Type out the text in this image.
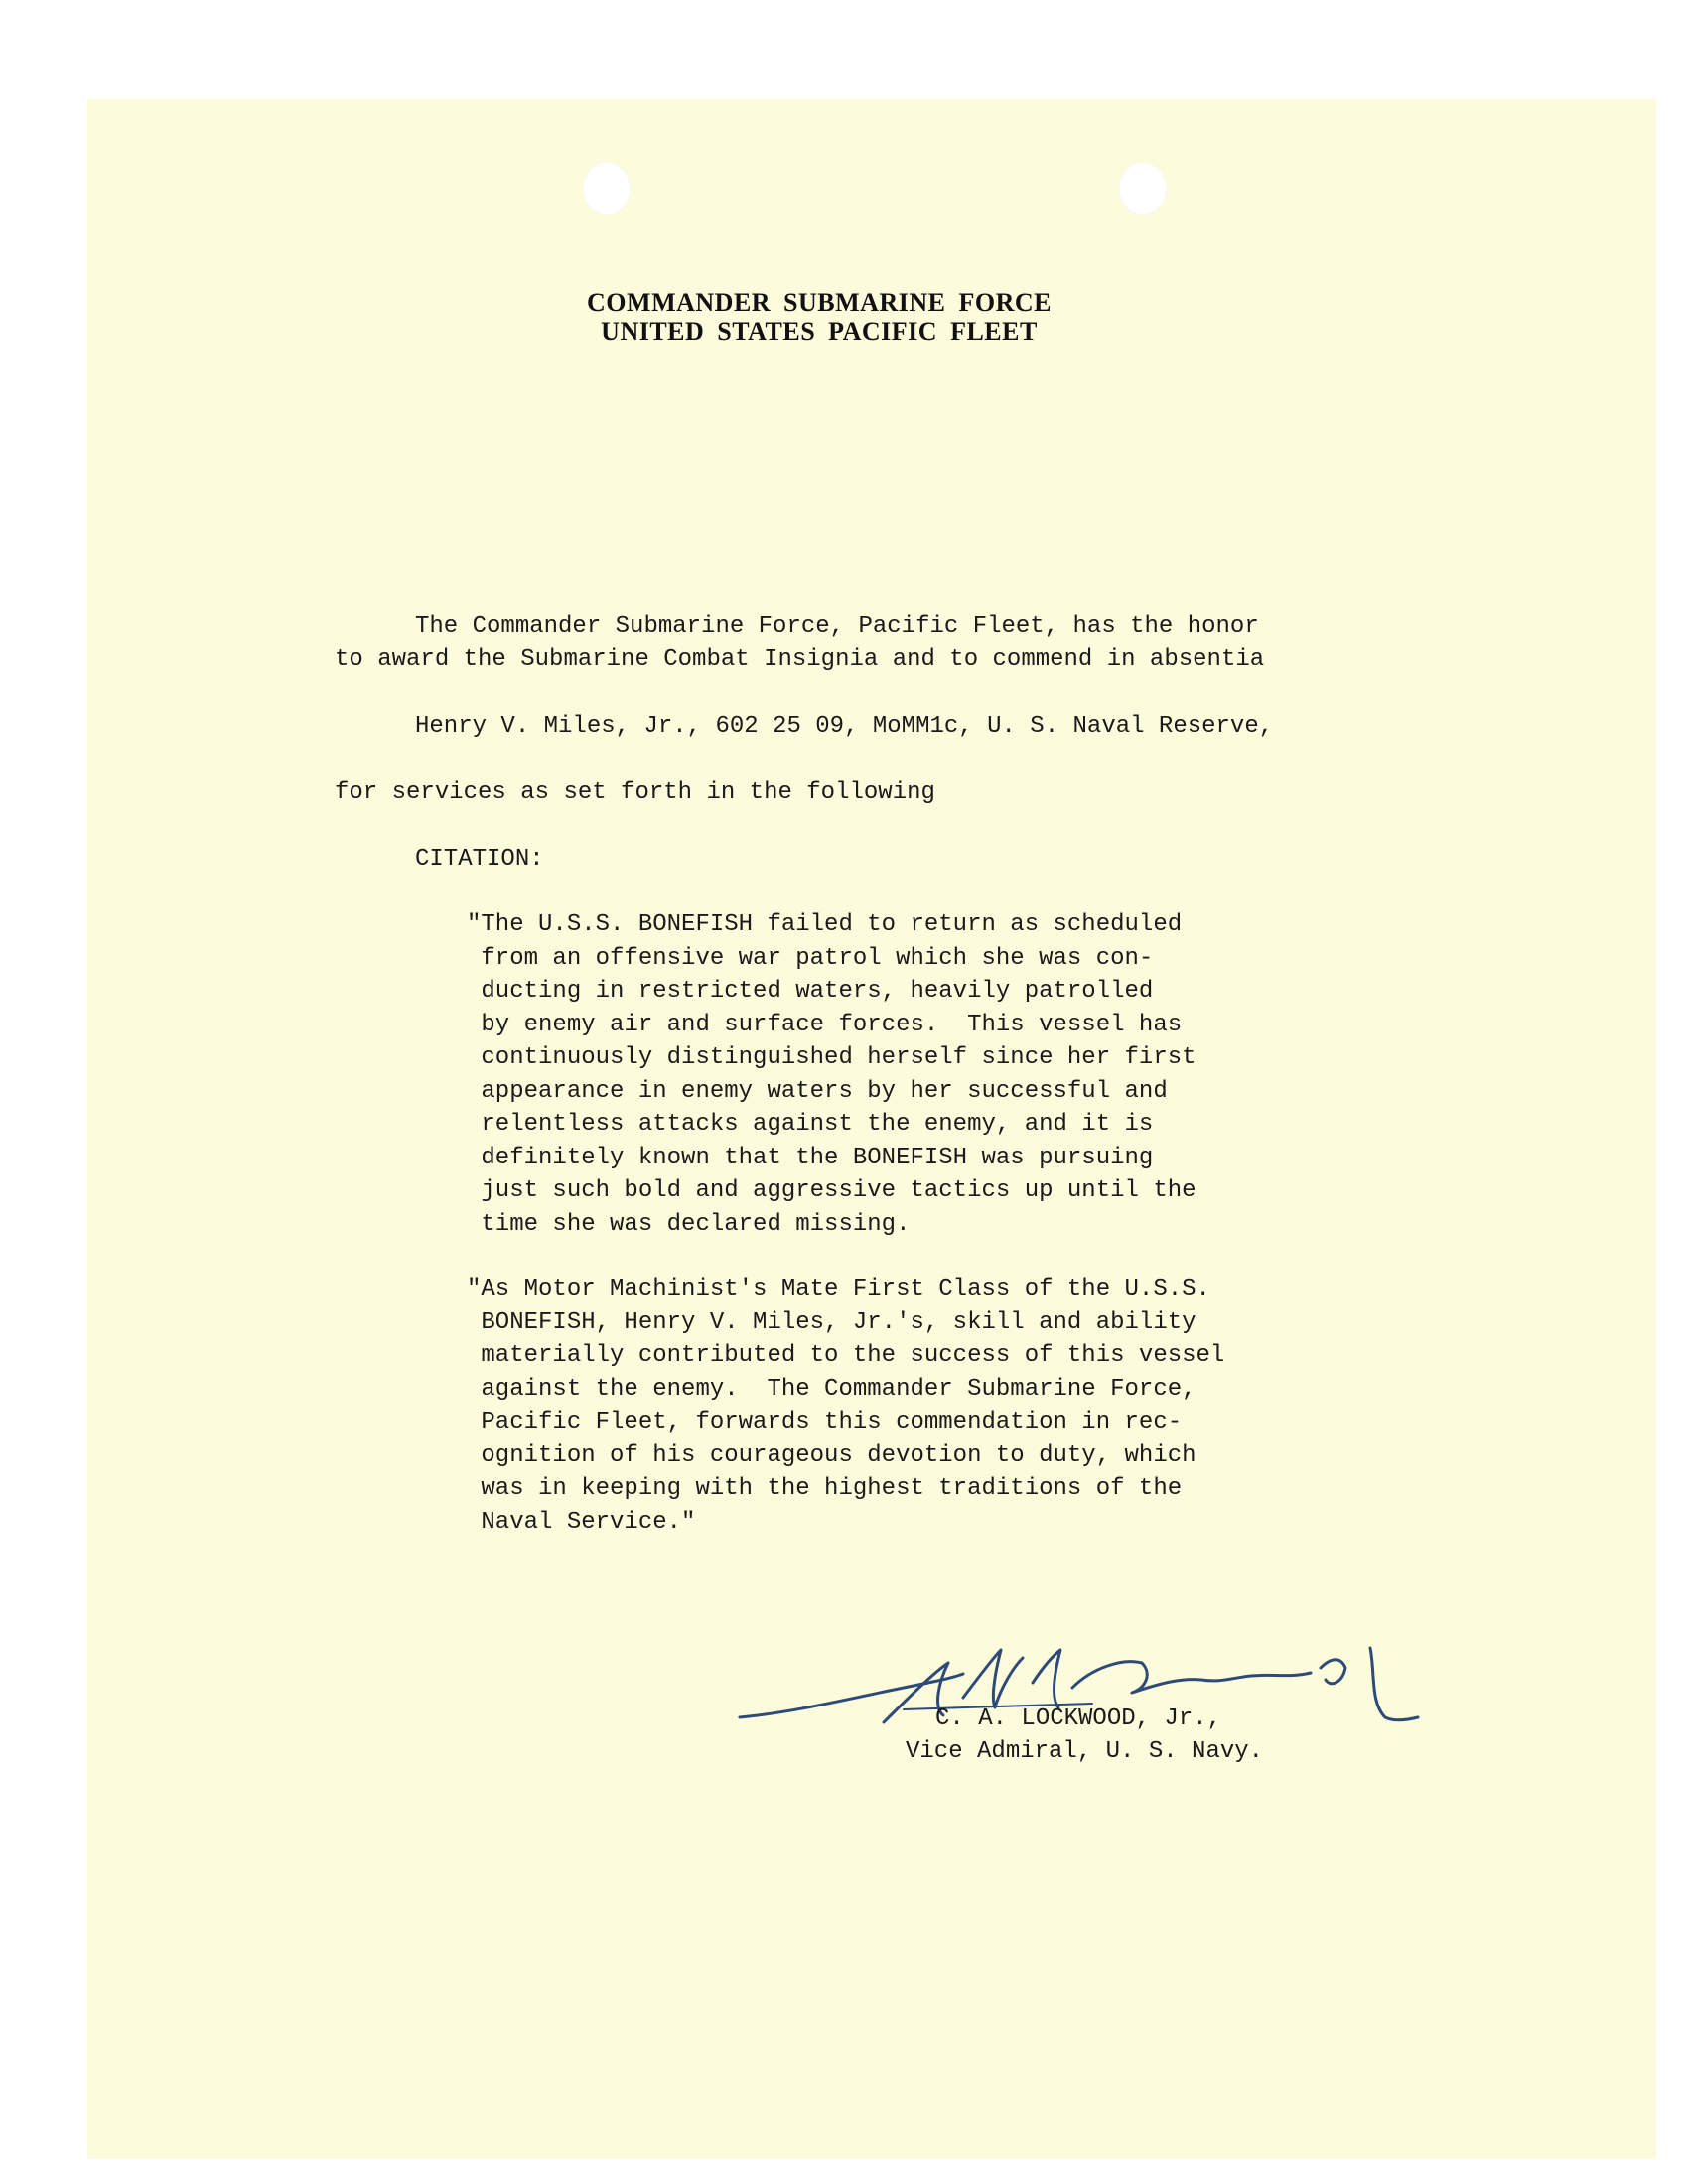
COMMANDER SUBMARINE FORCE
UNITED STATES PACIFIC FLEET

The Commander Submarine Force, Pacific Fleet, has the honor

to award the Submarine Combat Insignia and to commend in absentia

Henry V. Miles, Jr., 602 25 09, MoMM1c, U. S. Naval Reserve,

for services as set forth in the following

CITATION:

"The U.S.S. BONEFISH failed to return as scheduled
from an offensive war patrol which she was con-
ducting in restricted waters, heavily patrolled
by enemy air and surface forces.  This vessel has
continuously distinguished herself since her first
appearance in enemy waters by her successful and
relentless attacks against the enemy, and it is
definitely known that the BONEFISH was pursuing
just such bold and aggressive tactics up until the
time she was declared missing.
"As Motor Machinist's Mate First Class of the U.S.S.
BONEFISH, Henry V. Miles, Jr.'s, skill and ability
materially contributed to the success of this vessel
against the enemy.  The Commander Submarine Force,
Pacific Fleet, forwards this commendation in rec-
ognition of his courageous devotion to duty, which
was in keeping with the highest traditions of the
Naval Service."
C. A. LOCKWOOD, Jr.,
Vice Admiral, U. S. Navy.
